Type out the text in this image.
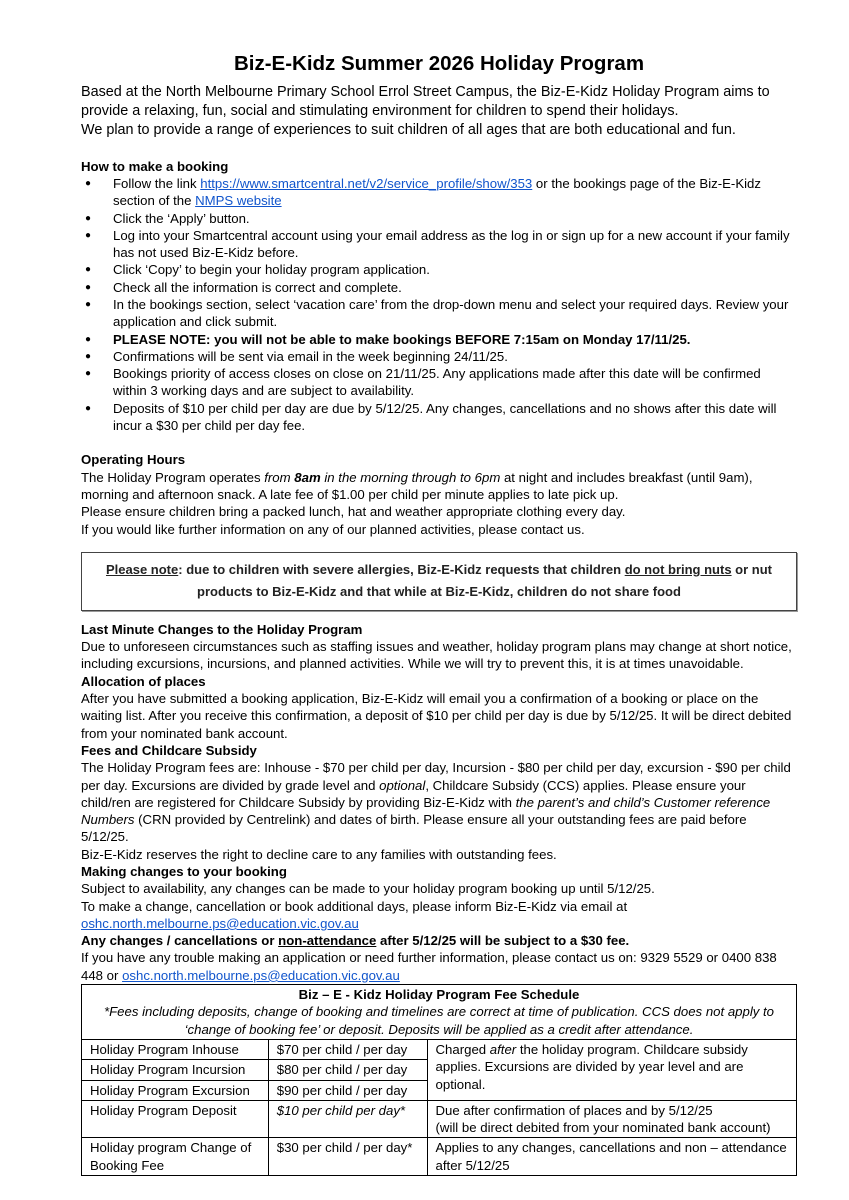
Biz-E-Kidz Summer 2026 Holiday Program

Based at the North Melbourne Primary School Errol Street Campus, the Biz-E-Kidz Holiday Program aims to provide a relaxing, fun, social and stimulating environment for children to spend their holidays.

We plan to provide a range of experiences to suit children of all ages that are both educational and fun.

How to make a booking

● Follow the link https://www.smartcentral.net/v2/service_profile/show/353 or the bookings page of the Biz-E-Kidz section of the NMPS website
● Click the ‘Apply’ button.
● Log into your Smartcentral account using your email address as the log in or sign up for a new account if your family has not used Biz-E-Kidz before.
● Click ‘Copy’ to begin your holiday program application.
● Check all the information is correct and complete.
● In the bookings section, select ‘vacation care’ from the drop-down menu and select your required days. Review your application and click submit.
● PLEASE NOTE: you will not be able to make bookings BEFORE 7:15am on Monday 17/11/25.
● Confirmations will be sent via email in the week beginning 24/11/25.
● Bookings priority of access closes on close on 21/11/25. Any applications made after this date will be confirmed within 3 working days and are subject to availability.
● Deposits of $10 per child per day are due by 5/12/25. Any changes, cancellations and no shows after this date will incur a $30 per child per day fee.

Operating Hours

The Holiday Program operates from 8am in the morning through to 6pm at night and includes breakfast (until 9am), morning and afternoon snack. A late fee of $1.00 per child per minute applies to late pick up.

Please ensure children bring a packed lunch, hat and weather appropriate clothing every day.

If you would like further information on any of our planned activities, please contact us.

Please note: due to children with severe allergies, Biz-E-Kidz requests that children do not bring nuts or nut products to Biz-E-Kidz and that while at Biz-E-Kidz, children do not share food

Last Minute Changes to the Holiday Program

Due to unforeseen circumstances such as staffing issues and weather, holiday program plans may change at short notice, including excursions, incursions, and planned activities. While we will try to prevent this, it is at times unavoidable.

Allocation of places

After you have submitted a booking application, Biz-E-Kidz will email you a confirmation of a booking or place on the waiting list. After you receive this confirmation, a deposit of $10 per child per day is due by 5/12/25. It will be direct debited from your nominated bank account.

Fees and Childcare Subsidy

The Holiday Program fees are: Inhouse - $70 per child per day, Incursion - $80 per child per day, excursion - $90 per child per day. Excursions are divided by grade level and optional, Childcare Subsidy (CCS) applies. Please ensure your child/ren are registered for Childcare Subsidy by providing Biz-E-Kidz with the parent’s and child’s Customer reference Numbers (CRN provided by Centrelink) and dates of birth. Please ensure all your outstanding fees are paid before 5/12/25.

Biz-E-Kidz reserves the right to decline care to any families with outstanding fees.

Making changes to your booking

Subject to availability, any changes can be made to your holiday program booking up until 5/12/25.

To make a change, cancellation or book additional days, please inform Biz-E-Kidz via email at

oshc.north.melbourne.ps@education.vic.gov.au

Any changes / cancellations or non-attendance after 5/12/25 will be subject to a $30 fee.

If you have any trouble making an application or need further information, please contact us on: 9329 5529 or 0400 838 448 or oshc.north.melbourne.ps@education.vic.gov.au

Biz – E - Kidz Holiday Program Fee Schedule
*Fees including deposits, change of booking and timelines are correct at time of publication. CCS does not apply to ‘change of booking fee’ or deposit. Deposits will be applied as a credit after attendance.		

Holiday Program Inhouse	$70 per child / per day	Charged after the holiday program. Childcare subsidy applies. Excursions are divided by year level and are optional.
Holiday Program Incursion	$80 per child / per day	
Holiday Program Excursion	$90 per child / per day	
Holiday Program Deposit	$10 per child per day*	Due after confirmation of places and by 5/12/25
(will be direct debited from your nominated bank account)

Holiday program Change of Booking Fee	$30 per child / per day*	Applies to any changes, cancellations and non – attendance after 5/12/25
